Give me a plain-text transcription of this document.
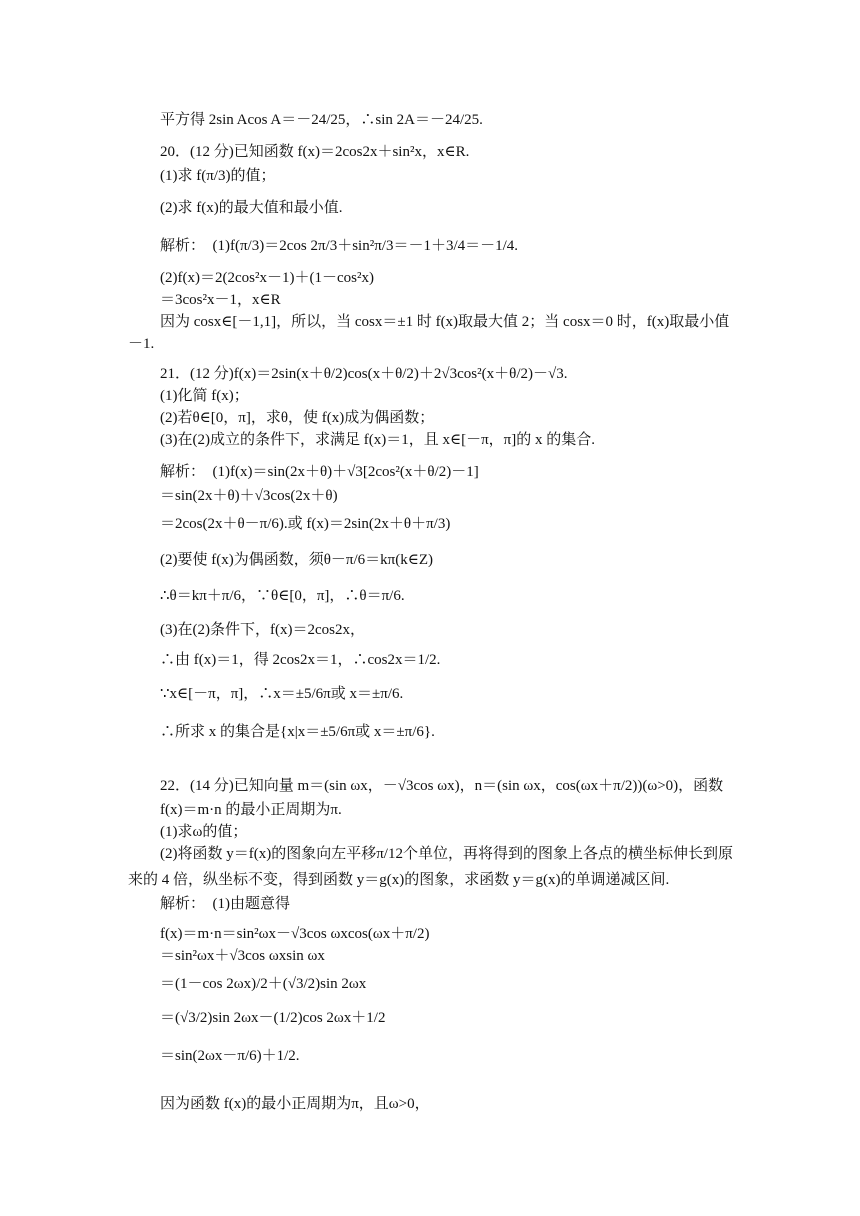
平方得 2sin Acos A＝－24/25，∴sin 2A＝－24/25.
20．(12 分)已知函数 f(x)＝2cos2x＋sin²x，x∈R.
(1)求 f(π/3)的值；
(2)求 f(x)的最大值和最小值.
解析：　(1)f(π/3)＝2cos 2π/3＋sin²π/3＝－1＋3/4＝－1/4.
(2)f(x)＝2(2cos²x－1)＋(1－cos²x)
＝3cos²x－1，x∈R
因为 cosx∈[－1,1]，所以，当 cosx＝±1 时 f(x)取最大值 2；当 cosx＝0 时，f(x)取最小值
－1.
21．(12 分)f(x)＝2sin(x＋θ/2)cos(x＋θ/2)＋2√3cos²(x＋θ/2)－√3.
(1)化简 f(x)；
(2)若θ∈[0，π]，求θ，使 f(x)成为偶函数；
(3)在(2)成立的条件下，求满足 f(x)＝1，且 x∈[－π，π]的 x 的集合.
解析：　(1)f(x)＝sin(2x＋θ)＋√3[2cos²(x＋θ/2)－1]
＝sin(2x＋θ)＋√3cos(2x＋θ)
＝2cos(2x＋θ－π/6).或 f(x)＝2sin(2x＋θ＋π/3)
(2)要使 f(x)为偶函数，须θ－π/6＝kπ(k∈Z)
∴θ＝kπ＋π/6，∵θ∈[0，π]，∴θ＝π/6.
(3)在(2)条件下，f(x)＝2cos2x，
∴由 f(x)＝1，得 2cos2x＝1，∴cos2x＝1/2.
∵x∈[－π，π]，∴x＝±5/6π或 x＝±π/6.
∴所求 x 的集合是{x|x＝±5/6π或 x＝±π/6}.
22．(14 分)已知向量 m＝(sin ωx，－√3cos ωx)，n＝(sin ωx，cos(ωx＋π/2))(ω>0)，函数
f(x)＝m·n 的最小正周期为π.
(1)求ω的值；
(2)将函数 y＝f(x)的图象向左平移π/12个单位，再将得到的图象上各点的横坐标伸长到原
来的 4 倍，纵坐标不变，得到函数 y＝g(x)的图象，求函数 y＝g(x)的单调递减区间.
解析：　(1)由题意得
f(x)＝m·n＝sin²ωx－√3cos ωxcos(ωx＋π/2)
＝sin²ωx＋√3cos ωxsin ωx
＝(1－cos 2ωx)/2＋(√3/2)sin 2ωx
＝(√3/2)sin 2ωx－(1/2)cos 2ωx＋1/2
＝sin(2ωx－π/6)＋1/2.
因为函数 f(x)的最小正周期为π，且ω>0，
